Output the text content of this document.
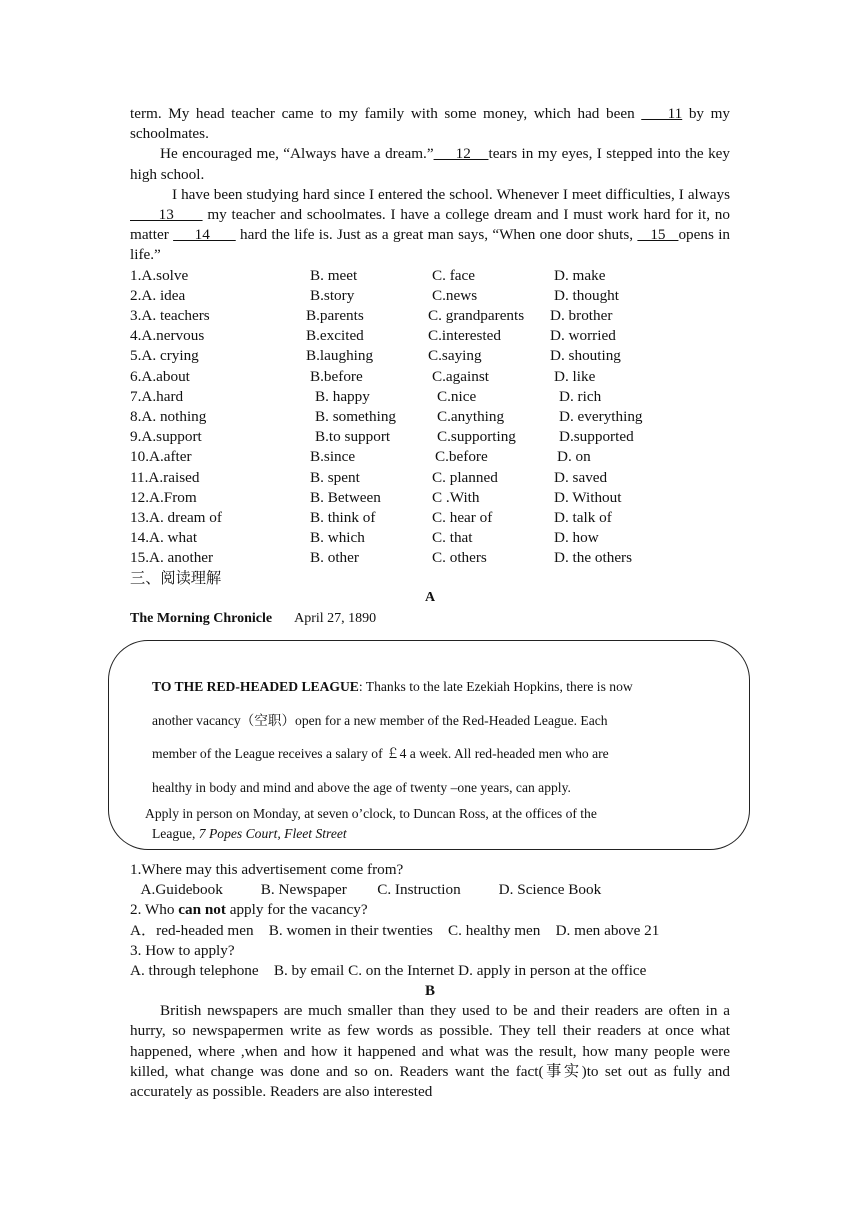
term. My head teacher came to my family with some money, which had been     11 by my schoolmates.

He encouraged me, “Always have a dream.”     12    tears in my eyes, I stepped into the key high school.

I have been studying hard since I entered the school. Whenever I meet difficulties, I always      13       my teacher and schoolmates. I have a college dream and I must work hard for it, no matter      14       hard the life is. Just as a great man says, “When one door shuts,    15   opens in life.”

1.A.solve	B. meet	C. face	D. make
2.A. idea	B.story	C.news	D. thought
3.A. teachers	B.parents	C. grandparents	D. brother
4.A.nervous	B.excited	C.interested	D. worried
5.A. crying	B.laughing	C.saying	D. shouting
6.A.about	B.before	C.against	D. like
7.A.hard	B. happy	C.nice	D. rich
8.A. nothing	B. something	C.anything	D. everything
9.A.support	B.to support	C.supporting	D.supported
10.A.after	B.since	C.before	D. on
11.A.raised	B. spent	C. planned	D. saved
12.A.From	B. Between	C .With	D. Without
13.A. dream of	B. think of	C. hear of	D. talk of
14.A. what	B. which	C. that	D. how
15.A. another	B. other	C. others	D. the others
三、阅读理解
A
The Morning Chronicle April 27, 1890
TO THE RED-HEADED LEAGUE: Thanks to the late Ezekiah Hopkins, there is now
another vacancy（空职）open for a new member of the Red-Headed League. Each
member of the League receives a salary of ￡4 a week. All red-headed men who are
healthy in body and mind and above the age of twenty –one years, can apply.
Apply in person on Monday, at seven o’clock, to Duncan Ross, at the offices of the
League, 7 Popes Court, Fleet Street

1.Where may this advertisement come from?

A.Guidebook          B. Newspaper        C. Instruction          D. Science Book

2. Who can not apply for the vacancy?

A．red-headed men    B. women in their twenties    C. healthy men    D. men above 21

3. How to apply?

A. through telephone    B. by email C. on the Internet D. apply in person at the office

B

British newspapers are much smaller than they used to be and their readers are often in a hurry, so newspapermen write as few words as possible. They tell their readers at once what happened, where ,when and how it happened and what was the result, how many people were killed, what change was done and so on. Readers want the fact(事实)to set out as fully and accurately as possible. Readers are also interested
